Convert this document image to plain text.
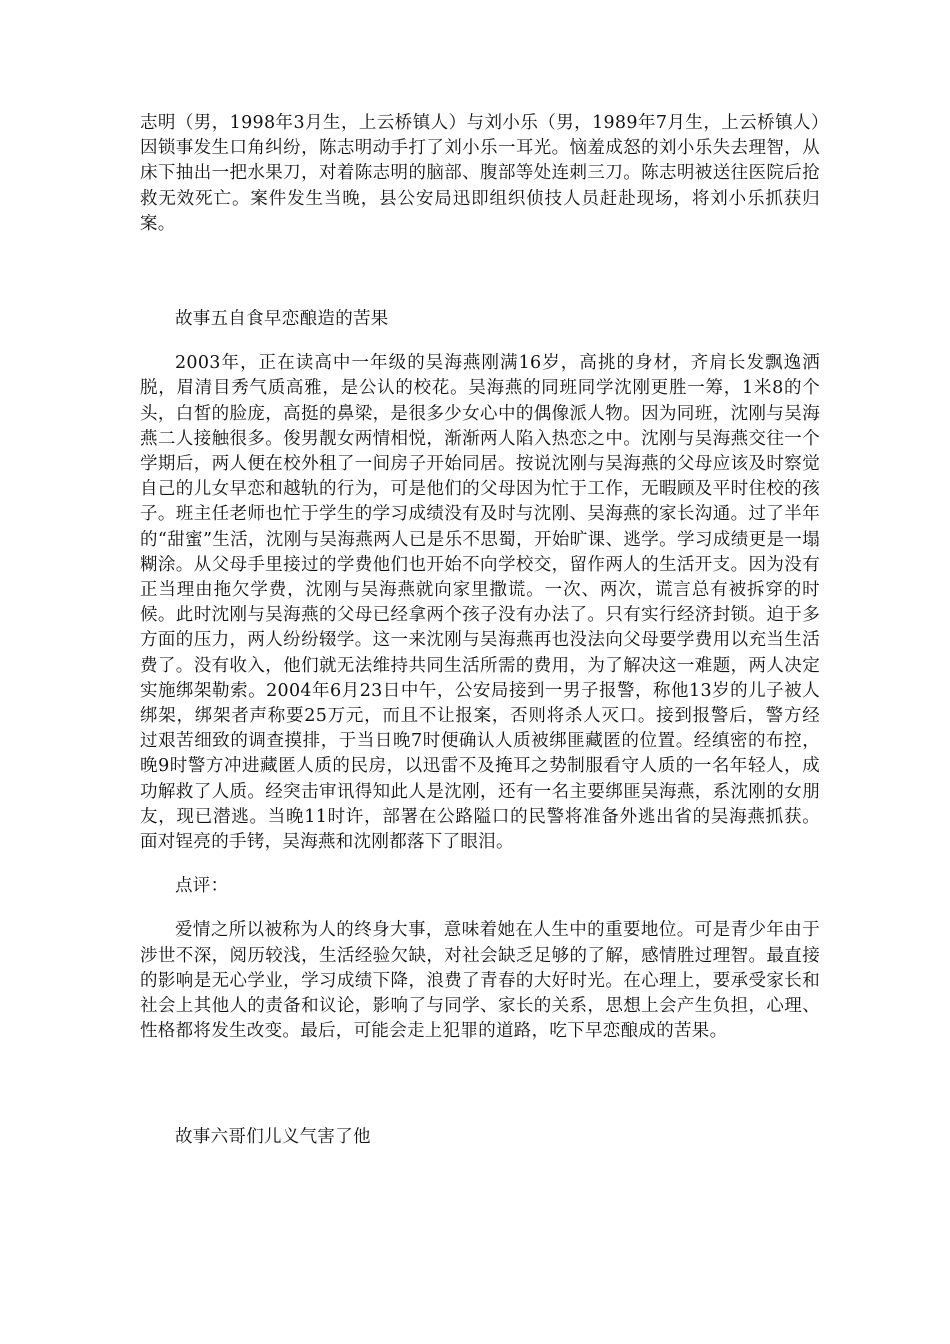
志明（男，1998年3月生，上云桥镇人）与刘小乐（男，1989年7月生，上云桥镇人）因锁事发生口角纠纷，陈志明动手打了刘小乐一耳光。恼羞成怒的刘小乐失去理智，从床下抽出一把水果刀，对着陈志明的脑部、腹部等处连刺三刀。陈志明被送往医院后抢救无效死亡。案件发生当晚，县公安局迅即组织侦技人员赶赴现场，将刘小乐抓获归案。

故事五自食早恋酿造的苦果

2003年，正在读高中一年级的吴海燕刚满16岁，高挑的身材，齐肩长发飘逸洒脱，眉清目秀气质高雅，是公认的校花。吴海燕的同班同学沈刚更胜一筹，1米8的个头，白皙的脸庞，高挺的鼻梁，是很多少女心中的偶像派人物。因为同班，沈刚与吴海燕二人接触很多。俊男靓女两情相悦，渐渐两人陷入热恋之中。沈刚与吴海燕交往一个学期后，两人便在校外租了一间房子开始同居。按说沈刚与吴海燕的父母应该及时察觉自己的儿女早恋和越轨的行为，可是他们的父母因为忙于工作，无暇顾及平时住校的孩子。班主任老师也忙于学生的学习成绩没有及时与沈刚、吴海燕的家长沟通。过了半年的“甜蜜”生活，沈刚与吴海燕两人已是乐不思蜀，开始旷课、逃学。学习成绩更是一塌糊涂。从父母手里接过的学费他们也开始不向学校交，留作两人的生活开支。因为没有正当理由拖欠学费，沈刚与吴海燕就向家里撒谎。一次、两次，谎言总有被拆穿的时候。此时沈刚与吴海燕的父母已经拿两个孩子没有办法了。只有实行经济封锁。迫于多方面的压力，两人纷纷辍学。这一来沈刚与吴海燕再也没法向父母要学费用以充当生活费了。没有收入，他们就无法维持共同生活所需的费用，为了解决这一难题，两人决定实施绑架勒索。2004年6月23日中午，公安局接到一男子报警，称他13岁的儿子被人绑架，绑架者声称要25万元，而且不让报案，否则将杀人灭口。接到报警后，警方经过艰苦细致的调查摸排，于当日晚7时便确认人质被绑匪藏匿的位置。经缜密的布控，晚9时警方冲进藏匿人质的民房，以迅雷不及掩耳之势制服看守人质的一名年轻人，成功解救了人质。经突击审讯得知此人是沈刚，还有一名主要绑匪吴海燕，系沈刚的女朋友，现已潜逃。当晚11时许，部署在公路隘口的民警将准备外逃出省的吴海燕抓获。面对锃亮的手铐，吴海燕和沈刚都落下了眼泪。

点评：

爱情之所以被称为人的终身大事，意味着她在人生中的重要地位。可是青少年由于涉世不深，阅历较浅，生活经验欠缺，对社会缺乏足够的了解，感情胜过理智。最直接的影响是无心学业，学习成绩下降，浪费了青春的大好时光。在心理上，要承受家长和社会上其他人的责备和议论，影响了与同学、家长的关系，思想上会产生负担，心理、性格都将发生改变。最后，可能会走上犯罪的道路，吃下早恋酿成的苦果。

故事六哥们儿义气害了他
